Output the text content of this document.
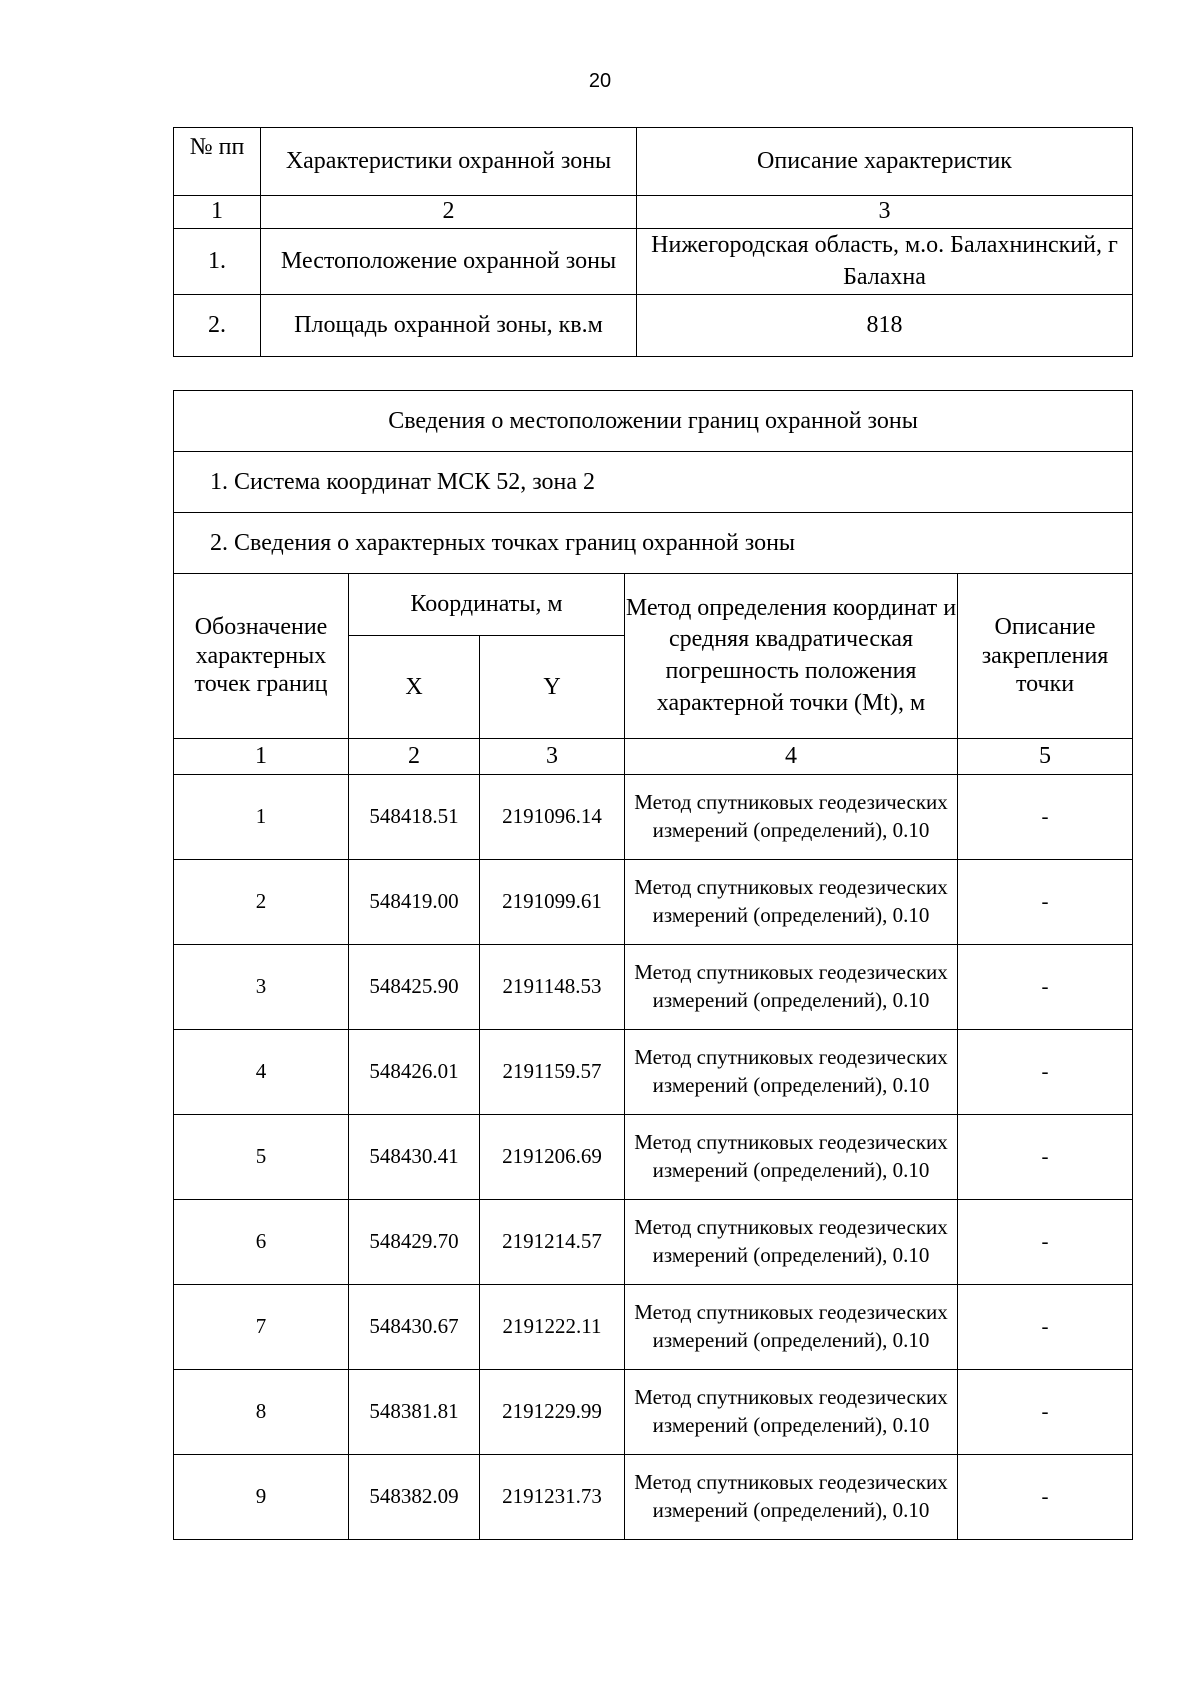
20
№ пп	Характеристики охранной зоны	Описание характеристик
1	2	3
1.	Местоположение охранной зоны	Нижегородская область, м.о. Балахнинский, г Балахна
2.	Площадь охранной зоны, кв.м	818
Сведения о местоположении границ охранной зоны				
1. Система координат МСК 52, зона 2				
2. Сведения о характерных точках границ охранной зоны				
Обозначение характерных точек границ	Координаты, м		Метод определения координат и средняя квадратическая погрешность положения характерной точки (Mt), м	Описание закрепления точки
	X	Y		
1	2	3	4	5
1	548418.51	2191096.14	Метод спутниковых геодезических измерений (определений), 0.10	-
2	548419.00	2191099.61	Метод спутниковых геодезических измерений (определений), 0.10	-
3	548425.90	2191148.53	Метод спутниковых геодезических измерений (определений), 0.10	-
4	548426.01	2191159.57	Метод спутниковых геодезических измерений (определений), 0.10	-
5	548430.41	2191206.69	Метод спутниковых геодезических измерений (определений), 0.10	-
6	548429.70	2191214.57	Метод спутниковых геодезических измерений (определений), 0.10	-
7	548430.67	2191222.11	Метод спутниковых геодезических измерений (определений), 0.10	-
8	548381.81	2191229.99	Метод спутниковых геодезических измерений (определений), 0.10	-
9	548382.09	2191231.73	Метод спутниковых геодезических измерений (определений), 0.10	-
